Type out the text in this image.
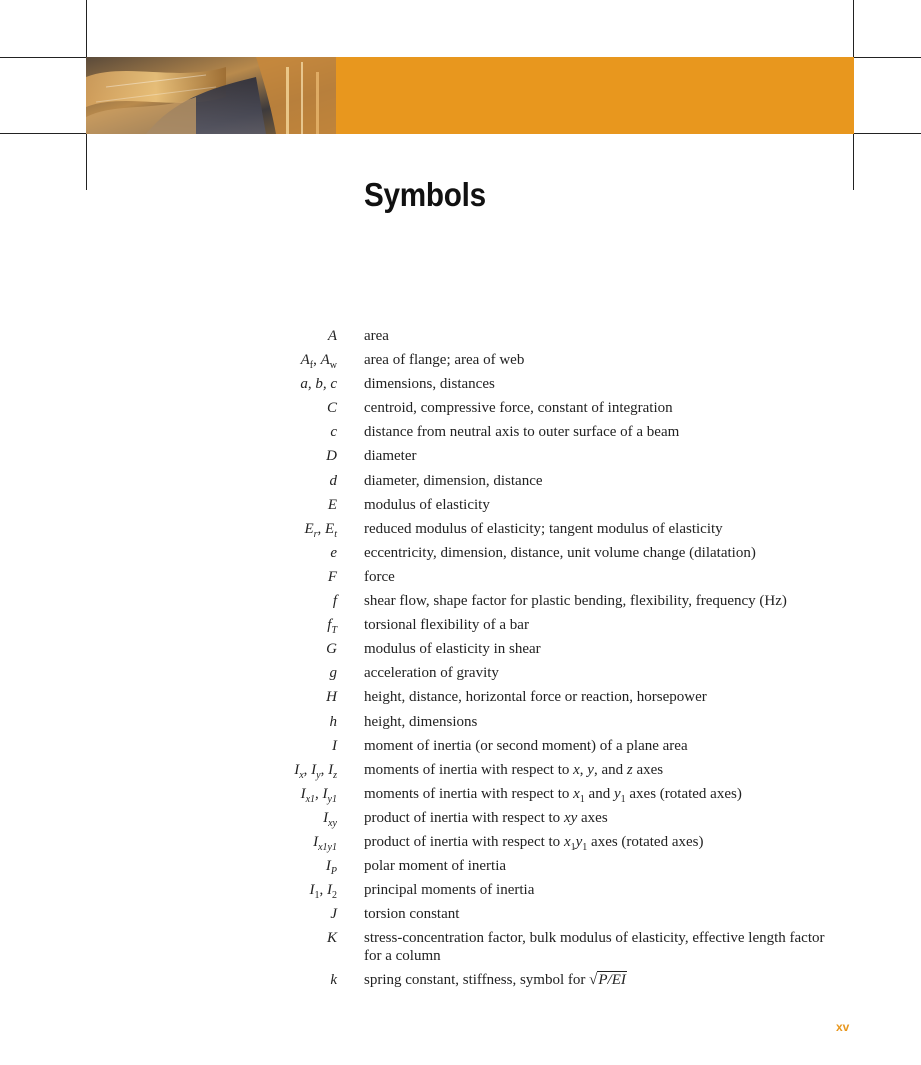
Symbols
A area
$A_f$, $A_w$ area of flange; area of web
a, b, c dimensions, distances
C centroid, compressive force, constant of integration
c distance from neutral axis to outer surface of a beam
D diameter
d diameter, dimension, distance
E modulus of elasticity
$E_r$, $E_t$ reduced modulus of elasticity; tangent modulus of elasticity
e eccentricity, dimension, distance, unit volume change (dilatation)
F force
f shear flow, shape factor for plastic bending, flexibility, frequency (Hz)
$f_T$ torsional flexibility of a bar
G modulus of elasticity in shear
g acceleration of gravity
H height, distance, horizontal force or reaction, horsepower
h height, dimensions
I moment of inertia (or second moment) of a plane area
$I_x$, $I_y$, $I_z$ moments of inertia with respect to x, y, and z axes
$I_{x1}$, $I_{y1}$ moments of inertia with respect to $x_1$ and $y_1$ axes (rotated axes)
$I_{xy}$ product of inertia with respect to xy axes
$I_{x1y1}$ product of inertia with respect to $x_1y_1$ axes (rotated axes)
$I_P$ polar moment of inertia
$I_1$, $I_2$ principal moments of inertia
J torsion constant
K stress-concentration factor, bulk modulus of elasticity, effective length factor for a column
k spring constant, stiffness, symbol for √P/EI
xv
